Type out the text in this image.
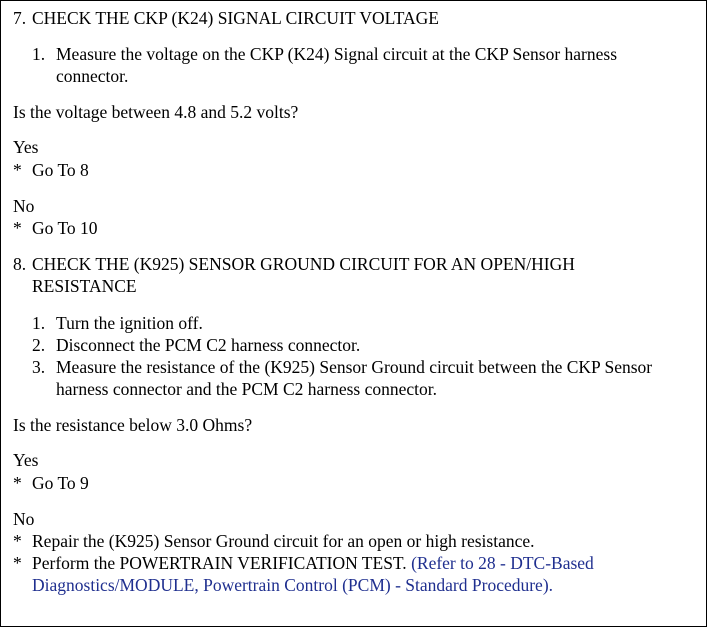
7. CHECK THE CKP (K24) SIGNAL CIRCUIT VOLTAGE

1. Measure the voltage on the CKP (K24) Signal circuit at the CKP Sensor harness connector.

Is the voltage between 4.8 and 5.2 volts?

Yes

* Go To 8

No

* Go To 10

8. CHECK THE (K925) SENSOR GROUND CIRCUIT FOR AN OPEN/HIGH RESISTANCE

1. Turn the ignition off.
2. Disconnect the PCM C2 harness connector.
3. Measure the resistance of the (K925) Sensor Ground circuit between the CKP Sensor harness connector and the PCM C2 harness connector.

Is the resistance below 3.0 Ohms?

Yes

* Go To 9

No

* Repair the (K925) Sensor Ground circuit for an open or high resistance.

* Perform the POWERTRAIN VERIFICATION TEST. (Refer to 28 - DTC-Based Diagnostics/MODULE, Powertrain Control (PCM) - Standard Procedure).
